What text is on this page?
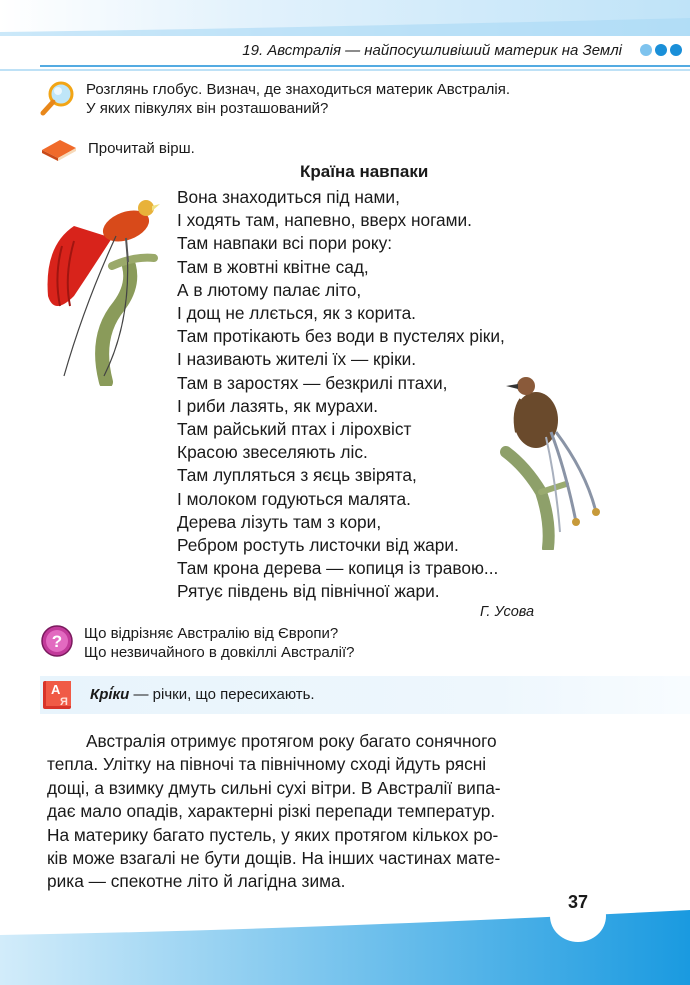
19. Австралія — найпосушливіший материк на Землі
Розглянь глобус. Визнач, де знаходиться материк Австралія.
У яких півкулях він розташований?
Прочитай вірш.
Країна навпаки
Вона знаходиться під нами,
І ходять там, напевно, вверх ногами.
Там навпаки всі пори року:
Там в жовтні квітне сад,
А в лютому палає літо,
І дощ не ллється, як з корита.
Там протікають без води в пустелях ріки,
І називають жителі їх — кріки.
Там в заростях — безкрилі птахи,
І риби лазять, як мурахи.
Там райський птах і ліроxвіст
Красою звеселяють ліс.
Там лупляться з яєць звірята,
І молоком годуються малята.
Дерева лізуть там з кори,
Ребром ростуть листочки від жари.
Там крона дерева — копиця із травою...
Рятує південь від північної жари.
Г. Усова
? Що відрізняє Австралію від Європи?
Що незвичайного в довкіллі Австралії?
А
Я Крі́ки — річки, що пересихають.

Австралія отримує протягом року багато сонячного

тепла. Улітку на півночі та північному сході йдуть рясні

дощі, а взимку дмуть сильні сухі вітри. В Австралії випа-

дає мало опадів, характерні різкі перепади температур.

На материку багато пустель, у яких протягом кількох ро-

ків може взагалі не бути дощів. На інших частинах мате-

рика — спекотне літо й лагідна зима.

37
